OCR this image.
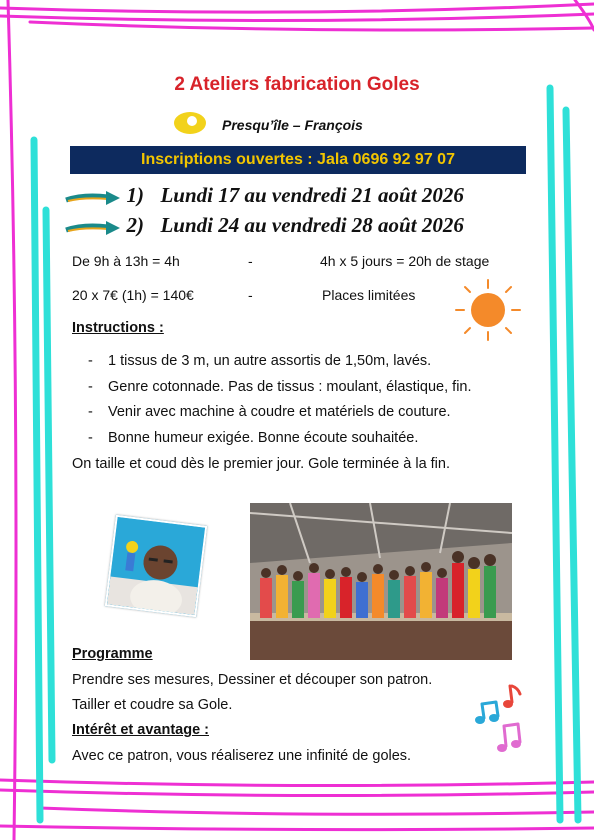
2 Ateliers fabrication Goles
Presqu’île – François
Inscriptions ouvertes : Jala 0696 92 97 07
1) Lundi 17 au vendredi 21 août 2026
2) Lundi 24 au vendredi 28 août 2026
De 9h à 13h = 4h	-	4h x 5 jours = 20h de stage
20 x 7€ (1h) = 140€	-	Places limitées
Instructions :
- 1 tissus de 3 m, un autre assortis de 1,50m, lavés.
- Genre cotonnade. Pas de tissus : moulant, élastique, fin.
- Venir avec machine à coudre et matériels de couture.
- Bonne humeur exigée. Bonne écoute souhaitée.
On taille et coud dès le premier jour. Gole terminée à la fin.
Programme
Prendre ses mesures, Dessiner et découper son patron.
Tailler et coudre sa Gole.
Intérêt et avantage :
Avec ce patron, vous réaliserez une infinité de goles.
